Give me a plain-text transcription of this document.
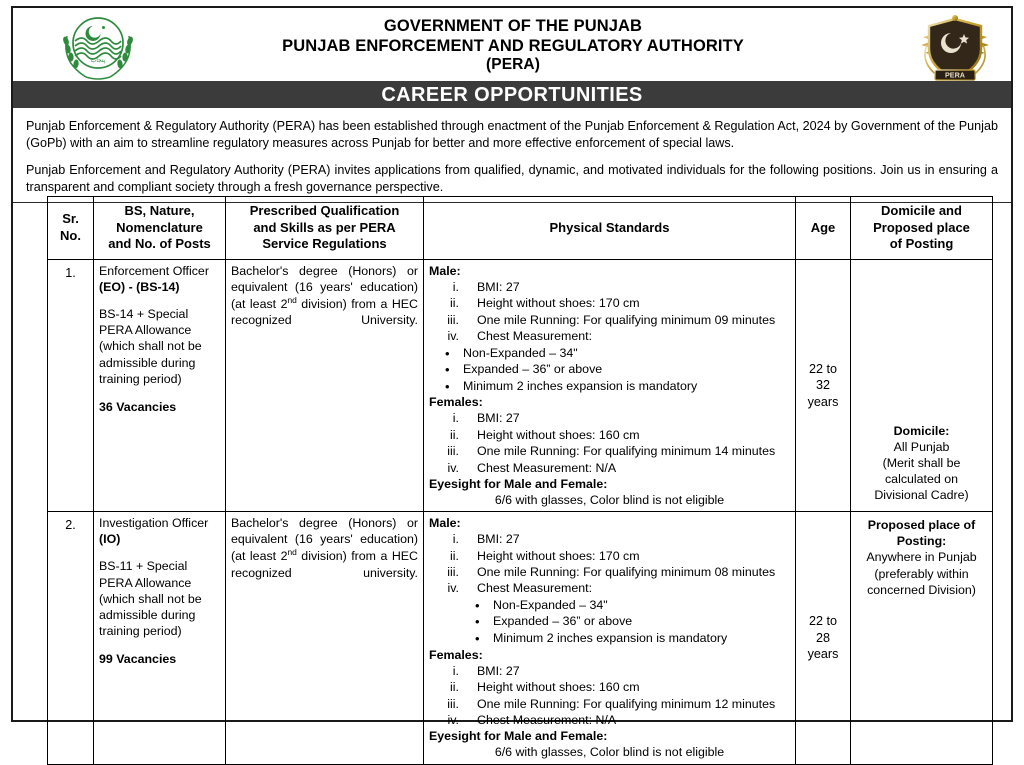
پنجاب
GOVERNMENT OF THE PUNJAB
PUNJAB ENFORCEMENT AND REGULATORY AUTHORITY
(PERA)
PERA
CAREER OPPORTUNITIES

Punjab Enforcement & Regulatory Authority (PERA) has been established through enactment of the Punjab Enforcement & Regulation Act, 2024 by Government of the Punjab (GoPb) with an aim to streamline regulatory measures across Punjab for better and more effective enforcement of special laws.

Punjab Enforcement and Regulatory Authority (PERA) invites applications from qualified, dynamic, and motivated individuals for the following positions. Join us in ensuring a transparent and compliant society through a fresh governance perspective.

Sr.
No.	BS, Nature,
Nomenclature
and No. of Posts	Prescribed Qualification
and Skills as per PERA
Service Regulations	Physical Standards	Age	Domicile and
Proposed place
of Posting
1.	Enforcement Officer
(EO) - (BS-14)
BS-14 + Special PERA Allowance (which shall not be admissible during training period)
36 Vacancies
	Bachelor's degree (Honors) or equivalent (16 years' education) (at least 2nd division) from a HEC recognized University.	
Male:
i. BMI: 27
ii. Height without shoes: 170 cm
iii. One mile Running: For qualifying minimum 09 minutes
iv. Chest Measurement:
• Non-Expanded – 34"
• Expanded – 36” or above
• Minimum 2 inches expansion is mandatory
Females:
i. BMI: 27
ii. Height without shoes: 160 cm
iii. One mile Running: For qualifying minimum 14 minutes
iv. Chest Measurement: N/A
Eyesight for Male and Female:
6/6 with glasses, Color blind is not eligible
	22 to
32
years	Domicile:
All Punjab
(Merit shall be
calculated on
Divisional Cadre)
2.	Investigation Officer
(IO)
BS-11 + Special PERA Allowance (which shall not be admissible during training period)
99 Vacancies
	Bachelor's degree (Honors) or equivalent (16 years' education) (at least 2nd division) from a HEC recognized university.	
Male:
i. BMI: 27
ii. Height without shoes: 170 cm
iii. One mile Running: For qualifying minimum 08 minutes
iv. Chest Measurement:
• Non-Expanded – 34"
• Expanded – 36” or above
• Minimum 2 inches expansion is mandatory
Females:
i. BMI: 27
ii. Height without shoes: 160 cm
iii. One mile Running: For qualifying minimum 12 minutes
iv. Chest Measurement: N/A
Eyesight for Male and Female:
6/6 with glasses, Color blind is not eligible
	22 to
28
years	Proposed place of
Posting:
Anywhere in Punjab
(preferably within
concerned Division)
